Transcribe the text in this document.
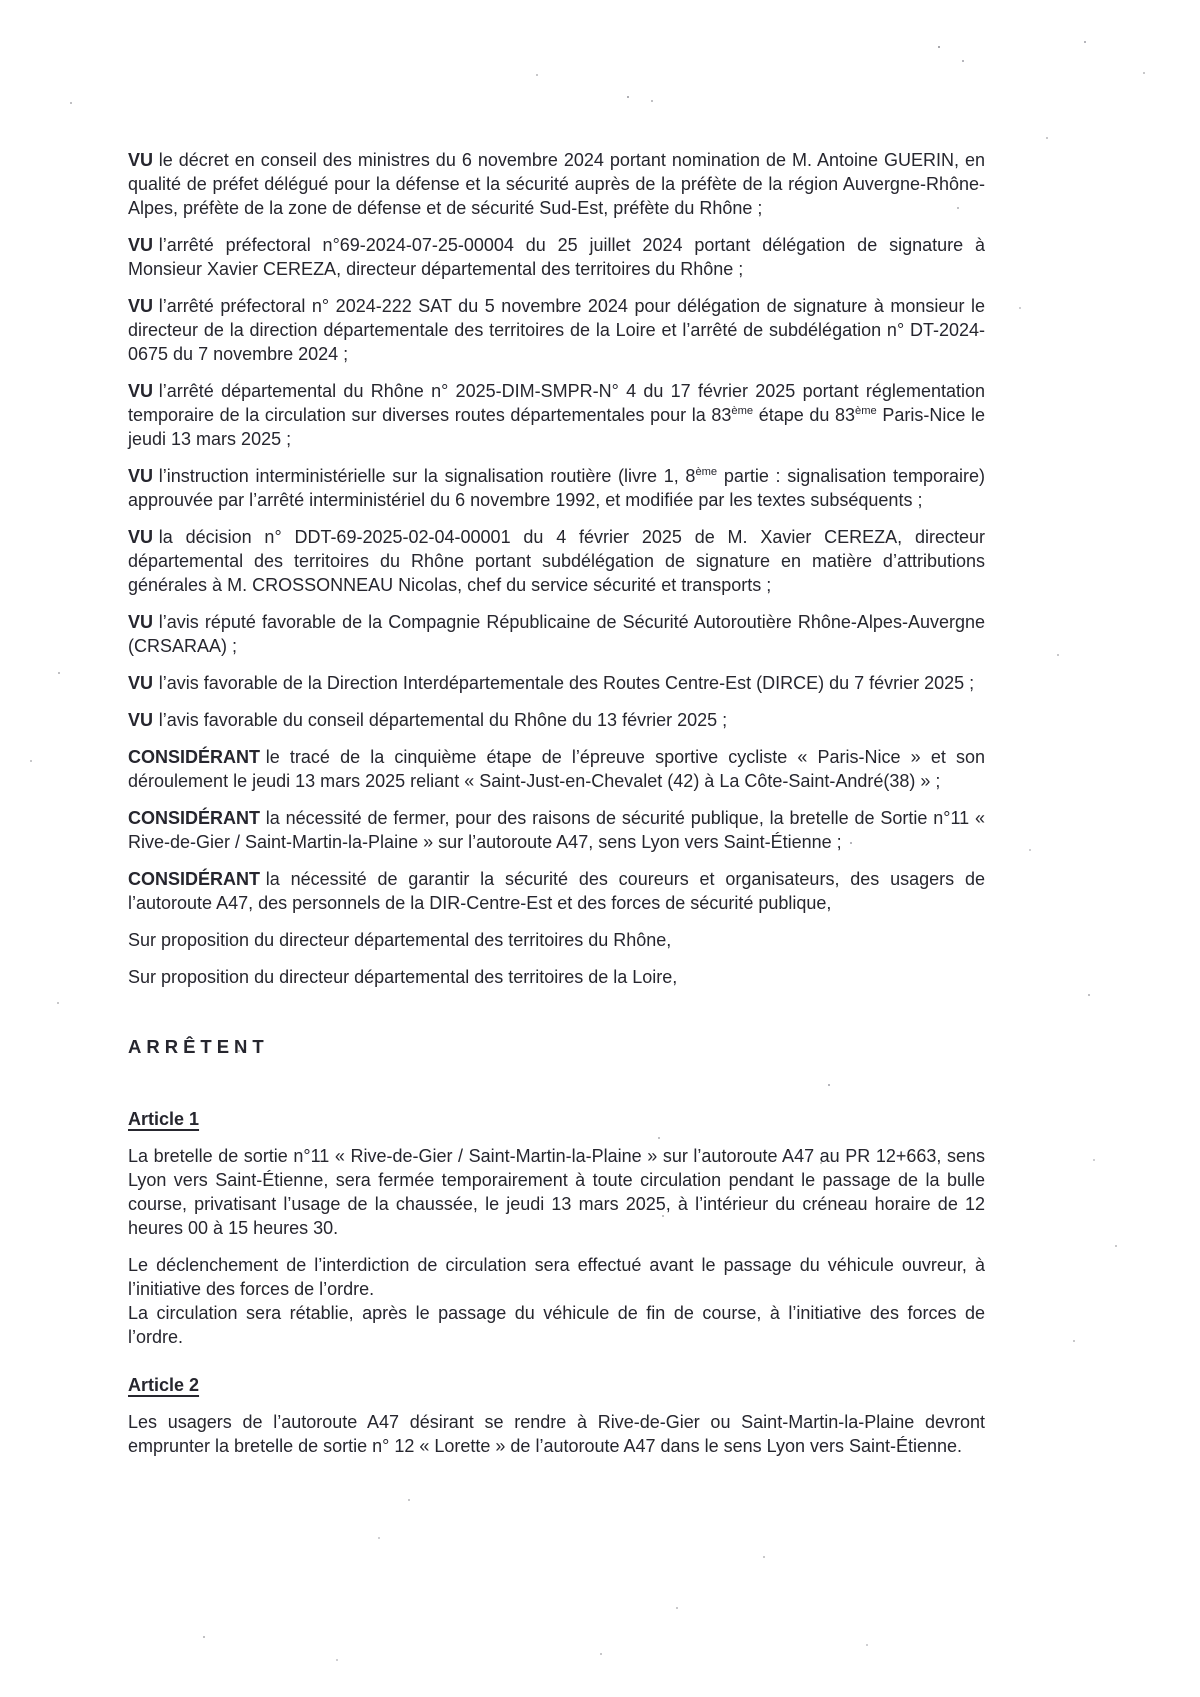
VU le décret en conseil des ministres du 6 novembre 2024 portant nomination de M. Antoine GUERIN, en qualité de préfet délégué pour la défense et la sécurité auprès de la préfète de la région Auvergne-Rhône-Alpes, préfète de la zone de défense et de sécurité Sud-Est, préfète du Rhône ;

VU l’arrêté préfectoral n°69-2024-07-25-00004 du 25 juillet 2024 portant délégation de signature à Monsieur Xavier CEREZA, directeur départemental des territoires du Rhône ;

VU l’arrêté préfectoral n° 2024-222 SAT du 5 novembre 2024 pour délégation de signature à monsieur le directeur de la direction départementale des territoires de la Loire et l’arrêté de subdélégation n° DT-2024-0675 du 7 novembre 2024 ;

VU l’arrêté départemental du Rhône n° 2025-DIM-SMPR-N° 4 du 17 février 2025 portant réglementation temporaire de la circulation sur diverses routes départementales pour la 83ème étape du 83ème Paris-Nice le jeudi 13 mars 2025 ;

VU l’instruction interministérielle sur la signalisation routière (livre 1, 8ème partie : signalisation temporaire) approuvée par l’arrêté interministériel du 6 novembre 1992, et modifiée par les textes subséquents ;

VU la décision n° DDT-69-2025-02-04-00001 du 4 février 2025 de M. Xavier CEREZA, directeur départemental des territoires du Rhône portant subdélégation de signature en matière d’attributions générales à M. CROSSONNEAU Nicolas, chef du service sécurité et transports ;

VU l’avis réputé favorable de la Compagnie Républicaine de Sécurité Autoroutière Rhône-Alpes-Auvergne (CRSARAA) ;

VU l’avis favorable de la Direction Interdépartementale des Routes Centre-Est (DIRCE) du 7 février 2025 ;

VU l’avis favorable du conseil départemental du Rhône du 13 février 2025 ;

CONSIDÉRANT le tracé de la cinquième étape de l’épreuve sportive cycliste « Paris-Nice » et son déroulement le jeudi 13 mars 2025 reliant « Saint-Just-en-Chevalet (42) à La Côte-Saint-André(38) » ;

CONSIDÉRANT la nécessité de fermer, pour des raisons de sécurité publique, la bretelle de Sortie n°11 « Rive-de-Gier / Saint-Martin-la-Plaine » sur l’autoroute A47, sens Lyon vers Saint-Étienne ;

CONSIDÉRANT la nécessité de garantir la sécurité des coureurs et organisateurs, des usagers de l’autoroute A47, des personnels de la DIR-Centre-Est et des forces de sécurité publique,

Sur proposition du directeur départemental des territoires du Rhône,

Sur proposition du directeur départemental des territoires de la Loire,

ARRÊTENT

Article 1

La bretelle de sortie n°11 « Rive-de-Gier / Saint-Martin-la-Plaine » sur l’autoroute A47 au PR 12+663, sens Lyon vers Saint-Étienne, sera fermée temporairement à toute circulation pendant le passage de la bulle course, privatisant l’usage de la chaussée, le jeudi 13 mars 2025, à l’intérieur du créneau horaire de 12 heures 00 à 15 heures 30.

Le déclenchement de l’interdiction de circulation sera effectué avant le passage du véhicule ouvreur, à l’initiative des forces de l’ordre.

La circulation sera rétablie, après le passage du véhicule de fin de course, à l’initiative des forces de l’ordre.

Article 2

Les usagers de l’autoroute A47 désirant se rendre à Rive-de-Gier ou Saint-Martin-la-Plaine devront emprunter la bretelle de sortie n° 12 « Lorette » de l’autoroute A47 dans le sens Lyon vers Saint-Étienne.
